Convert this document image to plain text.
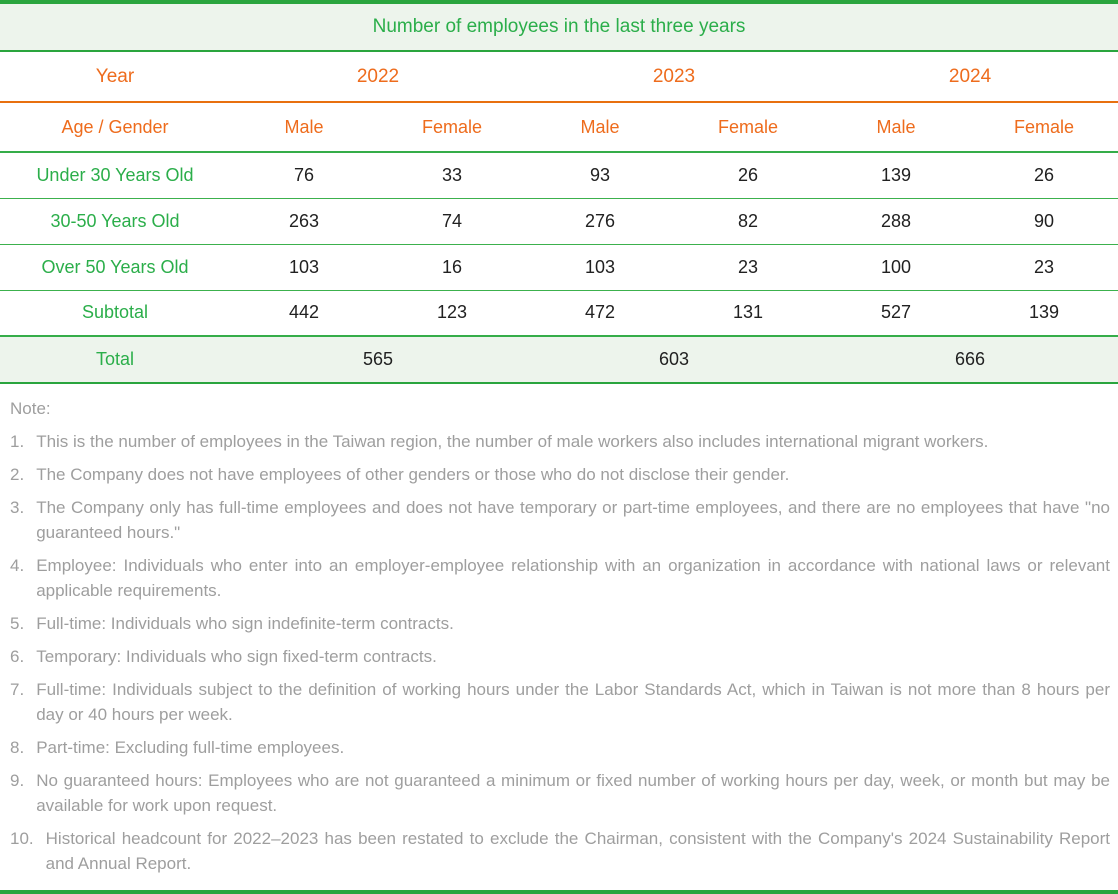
Number of employees in the last three years						
Year	2022		2023		2024	
Age / Gender	Male	Female	Male	Female	Male	Female
Under 30 Years Old	76	33	93	26	139	26
30-50 Years Old	263	74	276	82	288	90
Over 50 Years Old	103	16	103	23	100	23
Subtotal	442	123	472	131	527	139
Total	565		603		666	
Note:
1. This is the number of employees in the Taiwan region, the number of male workers also includes international migrant workers.
2. The Company does not have employees of other genders or those who do not disclose their gender.
3. The Company only has full-time employees and does not have temporary or part-time employees, and there are no employees that have "no guaranteed hours."
4. Employee: Individuals who enter into an employer-employee relationship with an organization in accordance with national laws or relevant applicable requirements.
5. Full-time: Individuals who sign indefinite-term contracts.
6. Temporary: Individuals who sign fixed-term contracts.
7. Full-time: Individuals subject to the definition of working hours under the Labor Standards Act, which in Taiwan is not more than 8 hours per day or 40 hours per week.
8. Part-time: Excluding full-time employees.
9. No guaranteed hours: Employees who are not guaranteed a minimum or fixed number of working hours per day, week, or month but may be available for work upon request.
10. Historical headcount for 2022–2023 has been restated to exclude the Chairman, consistent with the Company's 2024 Sustainability Report and Annual Report.
